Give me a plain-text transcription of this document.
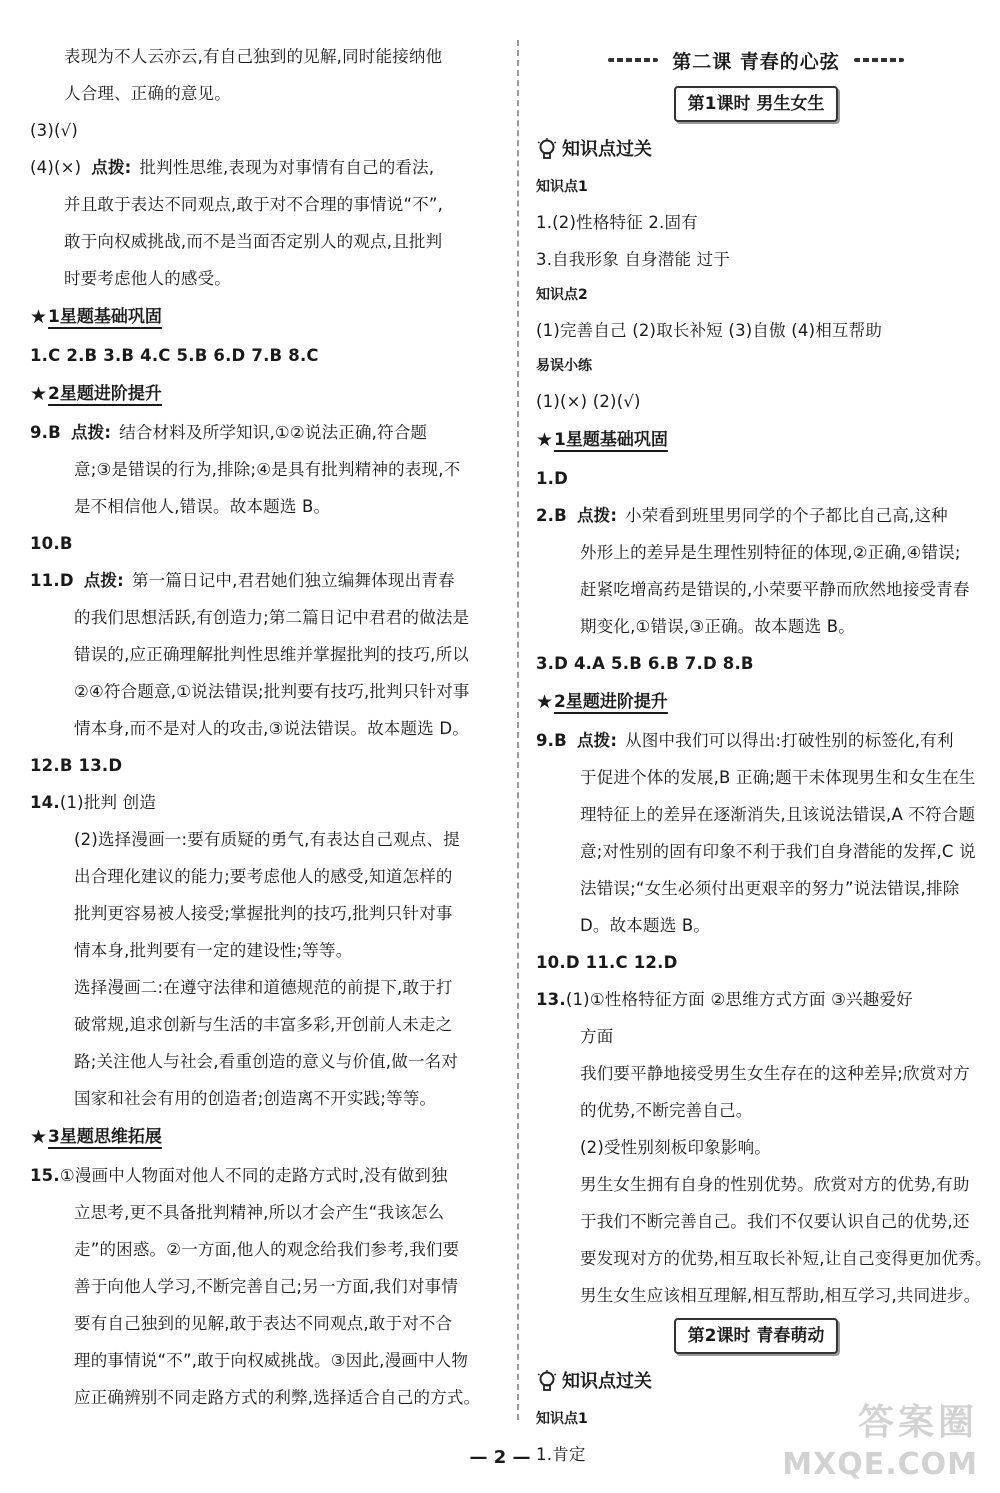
表现为不人云亦云,有自己独到的见解,同时能接纳他
人合理、正确的意见。
(3)(√)
(4)(×) 点拨: 批判性思维,表现为对事情有自己的看法,
并且敢于表达不同观点,敢于对不合理的事情说“不”,
敢于向权威挑战,而不是当面否定别人的观点,且批判
时要考虑他人的感受。
★ 1星题基础巩固
1.C 2.B 3.B 4.C 5.B 6.D 7.B 8.C
★ 2星题进阶提升
9.B 点拨: 结合材料及所学知识,①②说法正确,符合题
意;③是错误的行为,排除;④是具有批判精神的表现,不
是不相信他人,错误。故本题选 B。
10.B
11.D 点拨: 第一篇日记中,君君她们独立编舞体现出青春
的我们思想活跃,有创造力;第二篇日记中君君的做法是
错误的,应正确理解批判性思维并掌握批判的技巧,所以
②④符合题意,①说法错误;批判要有技巧,批判只针对事
情本身,而不是对人的攻击,③说法错误。故本题选 D。
12.B 13.D
14.(1)批判 创造
(2)选择漫画一:要有质疑的勇气,有表达自己观点、提
出合理化建议的能力;要考虑他人的感受,知道怎样的
批判更容易被人接受;掌握批判的技巧,批判只针对事
情本身,批判要有一定的建设性;等等。
选择漫画二:在遵守法律和道德规范的前提下,敢于打
破常规,追求创新与生活的丰富多彩,开创前人未走之
路;关注他人与社会,看重创造的意义与价值,做一名对
国家和社会有用的创造者;创造离不开实践;等等。
★ 3星题思维拓展
15.①漫画中人物面对他人不同的走路方式时,没有做到独
立思考,更不具备批判精神,所以才会产生“我该怎么
走”的困惑。②一方面,他人的观念给我们参考,我们要
善于向他人学习,不断完善自己;另一方面,我们对事情
要有自己独到的见解,敢于表达不同观点,敢于对不合
理的事情说“不”,敢于向权威挑战。③因此,漫画中人物
应正确辨别不同走路方式的利弊,选择适合自己的方式。
第二课 青春的心弦
第1课时 男生女生
知识点过关
知识点1
1.(2)性格特征 2.固有
3.自我形象 自身潜能 过于
知识点2
(1)完善自己 (2)取长补短 (3)自傲 (4)相互帮助
易误小练
(1)(×) (2)(√)
★ 1星题基础巩固
1.D
2.B 点拨: 小荣看到班里男同学的个子都比自己高,这种
外形上的差异是生理性别特征的体现,②正确,④错误;
赶紧吃增高药是错误的,小荣要平静而欣然地接受青春
期变化,①错误,③正确。故本题选 B。
3.D 4.A 5.B 6.B 7.D 8.B
★ 2星题进阶提升
9.B 点拨: 从图中我们可以得出:打破性别的标签化,有利
于促进个体的发展,B 正确;题干未体现男生和女生在生
理特征上的差异在逐渐消失,且该说法错误,A 不符合题
意;对性别的固有印象不利于我们自身潜能的发挥,C 说
法错误;“女生必须付出更艰辛的努力”说法错误,排除
D。故本题选 B。
10.D 11.C 12.D
13.(1)①性格特征方面 ②思维方式方面 ③兴趣爱好
方面
我们要平静地接受男生女生存在的这种差异;欣赏对方
的优势,不断完善自己。
(2)受性别刻板印象影响。
男生女生拥有自身的性别优势。欣赏对方的优势,有助
于我们不断完善自己。我们不仅要认识自己的优势,还
要发现对方的优势,相互取长补短,让自己变得更加优秀。
男生女生应该相互理解,相互帮助,相互学习,共同进步。
第2课时 青春萌动
知识点过关
知识点1
1.肯定
— 2 —
答案圈
MXQE.COM
